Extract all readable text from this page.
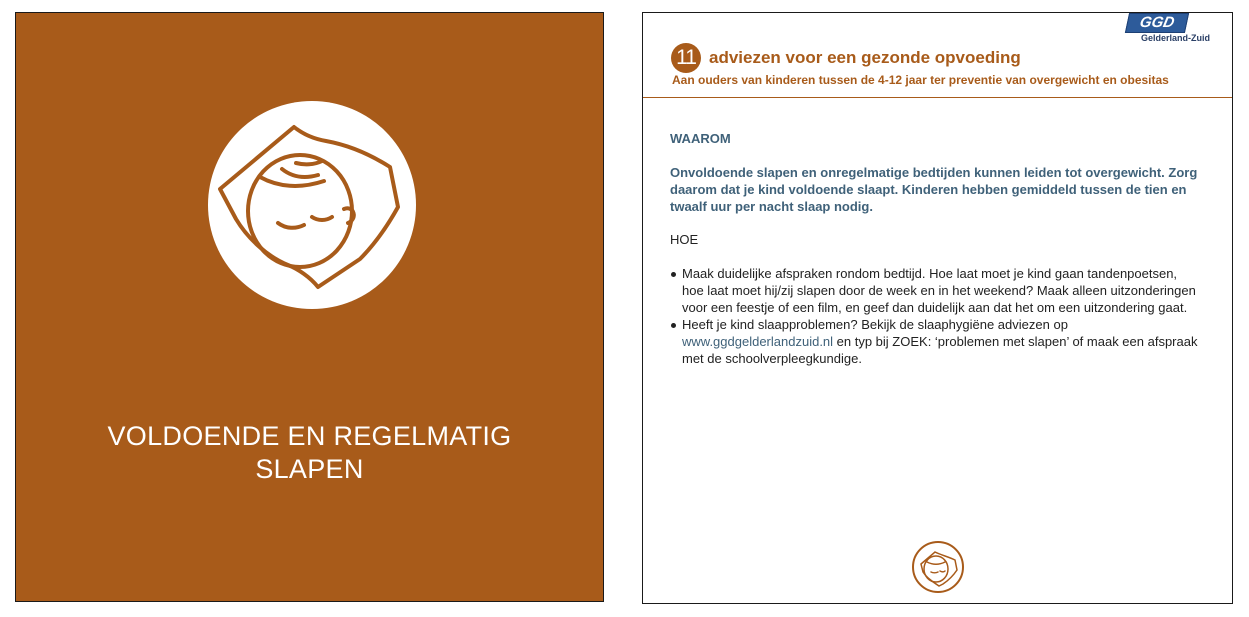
VOLDOENDE EN REGELMATIG
SLAPEN
GGD
Gelderland-Zuid
11 adviezen voor een gezonde opvoeding
Aan ouders van kinderen tussen de 4-12 jaar ter preventie van overgewicht en obesitas
WAAROM
Onvoldoende slapen en onregelmatige bedtijden kunnen leiden tot overgewicht. Zorg daarom dat je kind voldoende slaapt. Kinderen hebben gemiddeld tussen de tien en twaalf uur per nacht slaap nodig.
HOE
Maak duidelijke afspraken rondom bedtijd. Hoe laat moet je kind gaan tandenpoetsen, hoe laat moet hij/zij slapen door de week en in het weekend? Maak alleen uitzonderingen voor een feestje of een film, en geef dan duidelijk aan dat het om een uitzondering gaat.
Heeft je kind slaapproblemen? Bekijk de slaaphygiëne adviezen op www.ggdgelderlandzuid.nl en typ bij ZOEK: ‘problemen met slapen’ of maak een afspraak met de schoolverpleegkundige.
